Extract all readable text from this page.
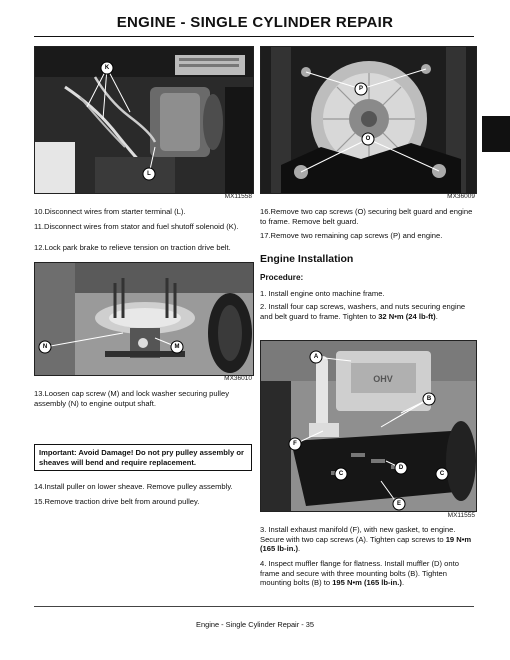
ENGINE - SINGLE CYLINDER REPAIR
K
L
MX11558
P
O
MX36009
10.Disconnect wires from starter terminal (L).
11.Disconnect wires from stator and fuel shutoff solenoid (K).
12.Lock park brake to relieve tension on traction drive belt.
N	M
MX36010
13.Loosen cap screw (M) and lock washer securing pulley assembly (N) to engine output shaft.
Important: Avoid Damage! Do not pry pulley assembly or sheaves will bend and require replacement.
14.Install puller on lower sheave. Remove pulley assembly.
15.Remove traction drive belt from around pulley.
16.Remove two cap screws (O) securing belt guard and engine to frame. Remove belt guard.
17.Remove two remaining cap screws (P) and engine.
Engine Installation
Procedure:
1. Install engine onto machine frame.
2. Install four cap screws, washers, and nuts securing engine and belt guard to frame. Tighten to 32 N•m (24 lb-ft).
OHV
A
B
F
D
C	C
E
MX11555
3. Install exhaust manifold (F), with new gasket, to engine. Secure with two cap screws (A). Tighten cap screws to 19 N•m (165 lb-in.).
4. Inspect muffler flange for flatness. Install muffler (D) onto frame and secure with three mounting bolts (B). Tighten mounting bolts (B) to 195 N•m (165 lb-in.).
Engine - Single Cylinder Repair - 35
